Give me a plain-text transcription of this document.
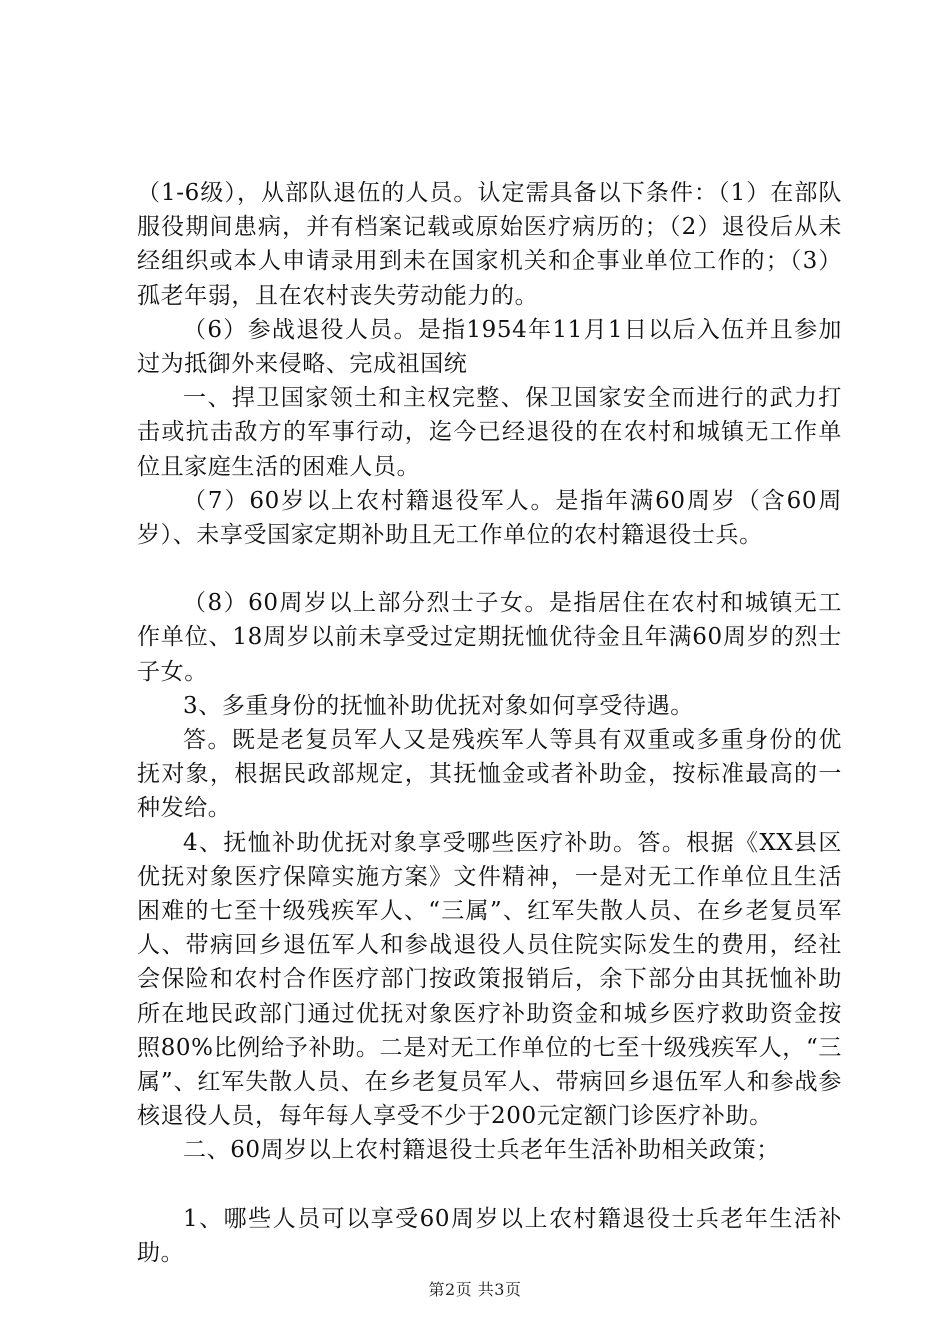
（1-6级），从部队退伍的人员。认定需具备以下条件：（1）在部队服役期间患病，并有档案记载或原始医疗病历的；（2）退役后从未经组织或本人申请录用到未在国家机关和企事业单位工作的；（3）孤老年弱，且在农村丧失劳动能力的。

（6）参战退役人员。是指1954年11月1日以后入伍并且参加过为抵御外来侵略、完成祖国统

一、捍卫国家领土和主权完整、保卫国家安全而进行的武力打击或抗击敌方的军事行动，迄今已经退役的在农村和城镇无工作单位且家庭生活的困难人员。

（7）60岁以上农村籍退役军人。是指年满60周岁（含60周岁）、未享受国家定期补助且无工作单位的农村籍退役士兵。

（8）60周岁以上部分烈士子女。是指居住在农村和城镇无工作单位、18周岁以前未享受过定期抚恤优待金且年满60周岁的烈士子女。

3、多重身份的抚恤补助优抚对象如何享受待遇。

答。既是老复员军人又是残疾军人等具有双重或多重身份的优抚对象，根据民政部规定，其抚恤金或者补助金，按标准最高的一种发给。

4、抚恤补助优抚对象享受哪些医疗补助。答。根据《XX县区优抚对象医疗保障实施方案》文件精神，一是对无工作单位且生活困难的七至十级残疾军人、“三属”、红军失散人员、在乡老复员军人、带病回乡退伍军人和参战退役人员住院实际发生的费用，经社会保险和农村合作医疗部门按政策报销后，余下部分由其抚恤补助所在地民政部门通过优抚对象医疗补助资金和城乡医疗救助资金按照80%比例给予补助。二是对无工作单位的七至十级残疾军人，“三属”、红军失散人员、在乡老复员军人、带病回乡退伍军人和参战参核退役人员，每年每人享受不少于200元定额门诊医疗补助。

二、60周岁以上农村籍退役士兵老年生活补助相关政策；

1、哪些人员可以享受60周岁以上农村籍退役士兵老年生活补助。

第2页 共3页
